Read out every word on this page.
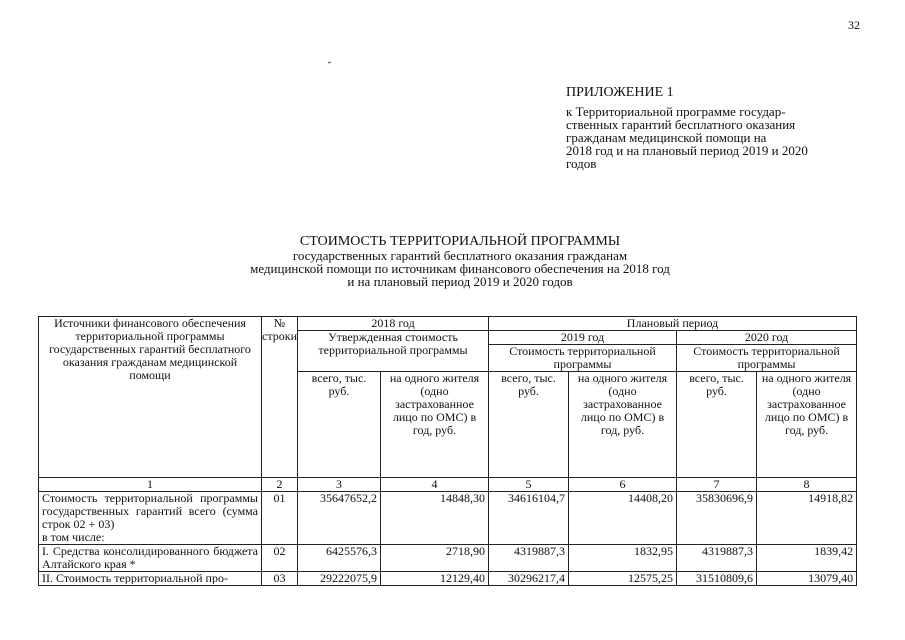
32
ПРИЛОЖЕНИЕ 1
к Территориальной программе государ-
ственных гарантий бесплатного оказания
гражданам медицинской помощи на
2018 год и на плановый период 2019 и 2020
годов
СТОИМОСТЬ ТЕРРИТОРИАЛЬНОЙ ПРОГРАММЫ
государственных гарантий бесплатного оказания гражданам
медицинской помощи по источникам финансового обеспечения на 2018 год
и на плановый период 2019 и 2020 годов
Источники финансового обеспечения территориальной программы государственных гарантий бесплатного оказания гражданам медицинской помощи	№ строки	2018 год		Плановый период			
		Утвержденная стоимость территориальной программы		2019 год		2020 год	
				Стоимость территориальной программы		Стоимость территориальной программы	
		всего, тыс. руб.	на одного жителя (одно застрахованное лицо по ОМС) в год, руб.	всего, тыс. руб.	на одного жителя (одно застрахованное лицо по ОМС) в год, руб.	всего, тыс. руб.	на одного жителя (одно застрахованное лицо по ОМС) в год, руб.
1	2	3	4	5	6	7	8

Стоимость территориальной программы государственных гарантий всего (сумма строк 02 + 03)
в том числе:	01	35647652,2	14848,30	34616104,7	14408,20	35830696,9	14918,82

I. Средства консолидированного бюджета Алтайского края *	02	6425576,3	2718,90	4319887,3	1832,95	4319887,3	1839,42

II. Стоимость территориальной про-	03	29222075,9	12129,40	30296217,4	12575,25	31510809,6	13079,40
